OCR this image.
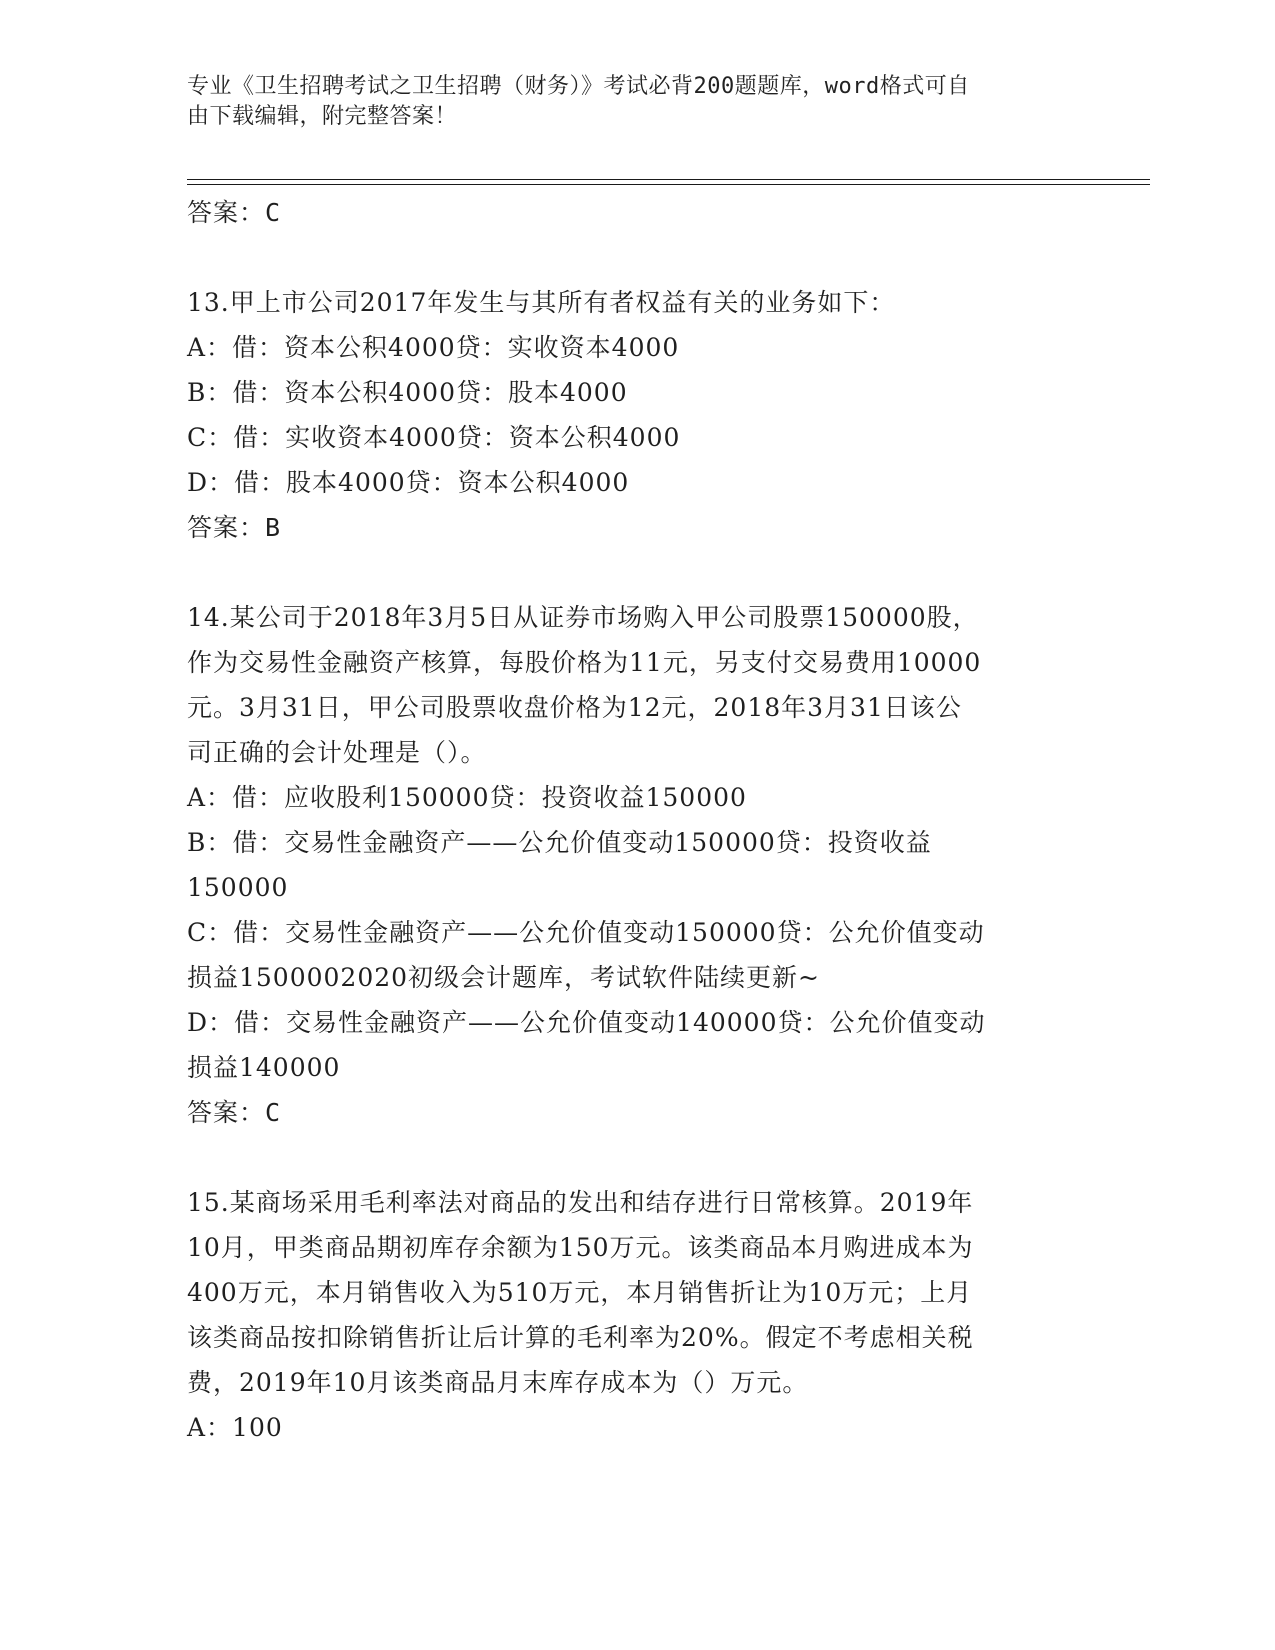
专业《卫生招聘考试之卫生招聘（财务）》考试必背200题题库，word格式可自
由下载编辑，附完整答案！
答案：C
13.甲上市公司2017年发生与其所有者权益有关的业务如下：
A：借：资本公积4000贷：实收资本4000
B：借：资本公积4000贷：股本4000
C：借：实收资本4000贷：资本公积4000
D：借：股本4000贷：资本公积4000
答案：B
14.某公司于2018年3月5日从证券市场购入甲公司股票150000股，
作为交易性金融资产核算，每股价格为11元，另支付交易费用10000
元。3月31日，甲公司股票收盘价格为12元，2018年3月31日该公
司正确的会计处理是（）。
A：借：应收股利150000贷：投资收益150000
B：借：交易性金融资产——公允价值变动150000贷：投资收益
150000
C：借：交易性金融资产——公允价值变动150000贷：公允价值变动
损益1500002020初级会计题库，考试软件陆续更新~
D：借：交易性金融资产——公允价值变动140000贷：公允价值变动
损益140000
答案：C
15.某商场采用毛利率法对商品的发出和结存进行日常核算。2019年
10月，甲类商品期初库存余额为150万元。该类商品本月购进成本为
400万元，本月销售收入为510万元，本月销售折让为10万元；上月
该类商品按扣除销售折让后计算的毛利率为20%。假定不考虑相关税
费，2019年10月该类商品月末库存成本为（）万元。
A：100
